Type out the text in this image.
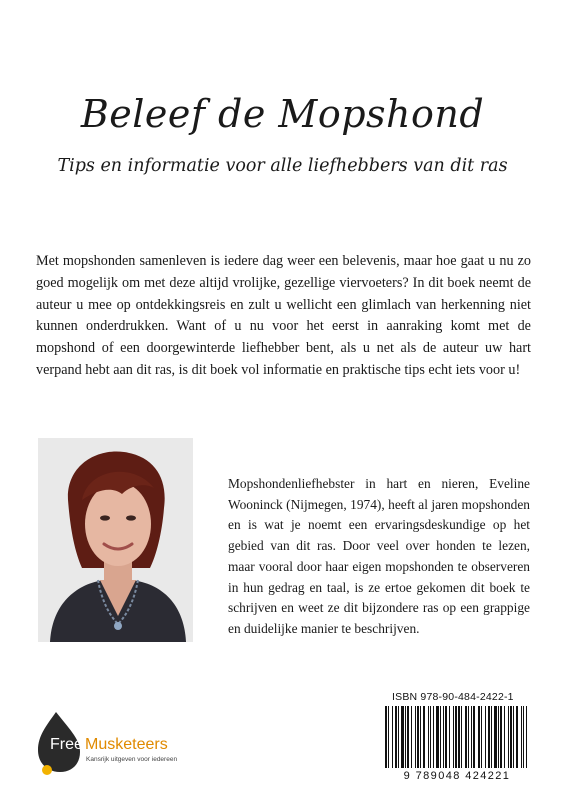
Beleef de Mopshond
Tips en informatie voor alle liefhebbers van dit ras
Met mopshonden samenleven is iedere dag weer een belevenis, maar hoe gaat u nu zo goed mogelijk om met deze altijd vrolijke, gezellige viervoeters? In dit boek neemt de auteur u mee op ontdekkingsreis en zult u wellicht een glimlach van herkenning niet kunnen onderdrukken. Want of u nu voor het eerst in aanraking komt met de mopshond of een doorgewinterde liefhebber bent, als u net als de auteur uw hart verpand hebt aan dit ras, is dit boek vol informatie en praktische tips echt iets voor u!
Mopshondenliefhebster in hart en nieren, Eveline Wooninck (Nijmegen, 1974), heeft al jaren mopshonden en is wat je noemt een ervaringsdeskundige op het gebied van dit ras. Door veel over honden te lezen, maar vooral door haar eigen mopshonden te observeren in hun gedrag en taal, is ze ertoe gekomen dit boek te schrijven en weet ze dit bijzondere ras op een grappige en duidelijke manier te beschrijven.
Free Musketeers
Kansrijk uitgeven voor iedereen
ISBN 978-90-484-2422-1
9 789048 424221
